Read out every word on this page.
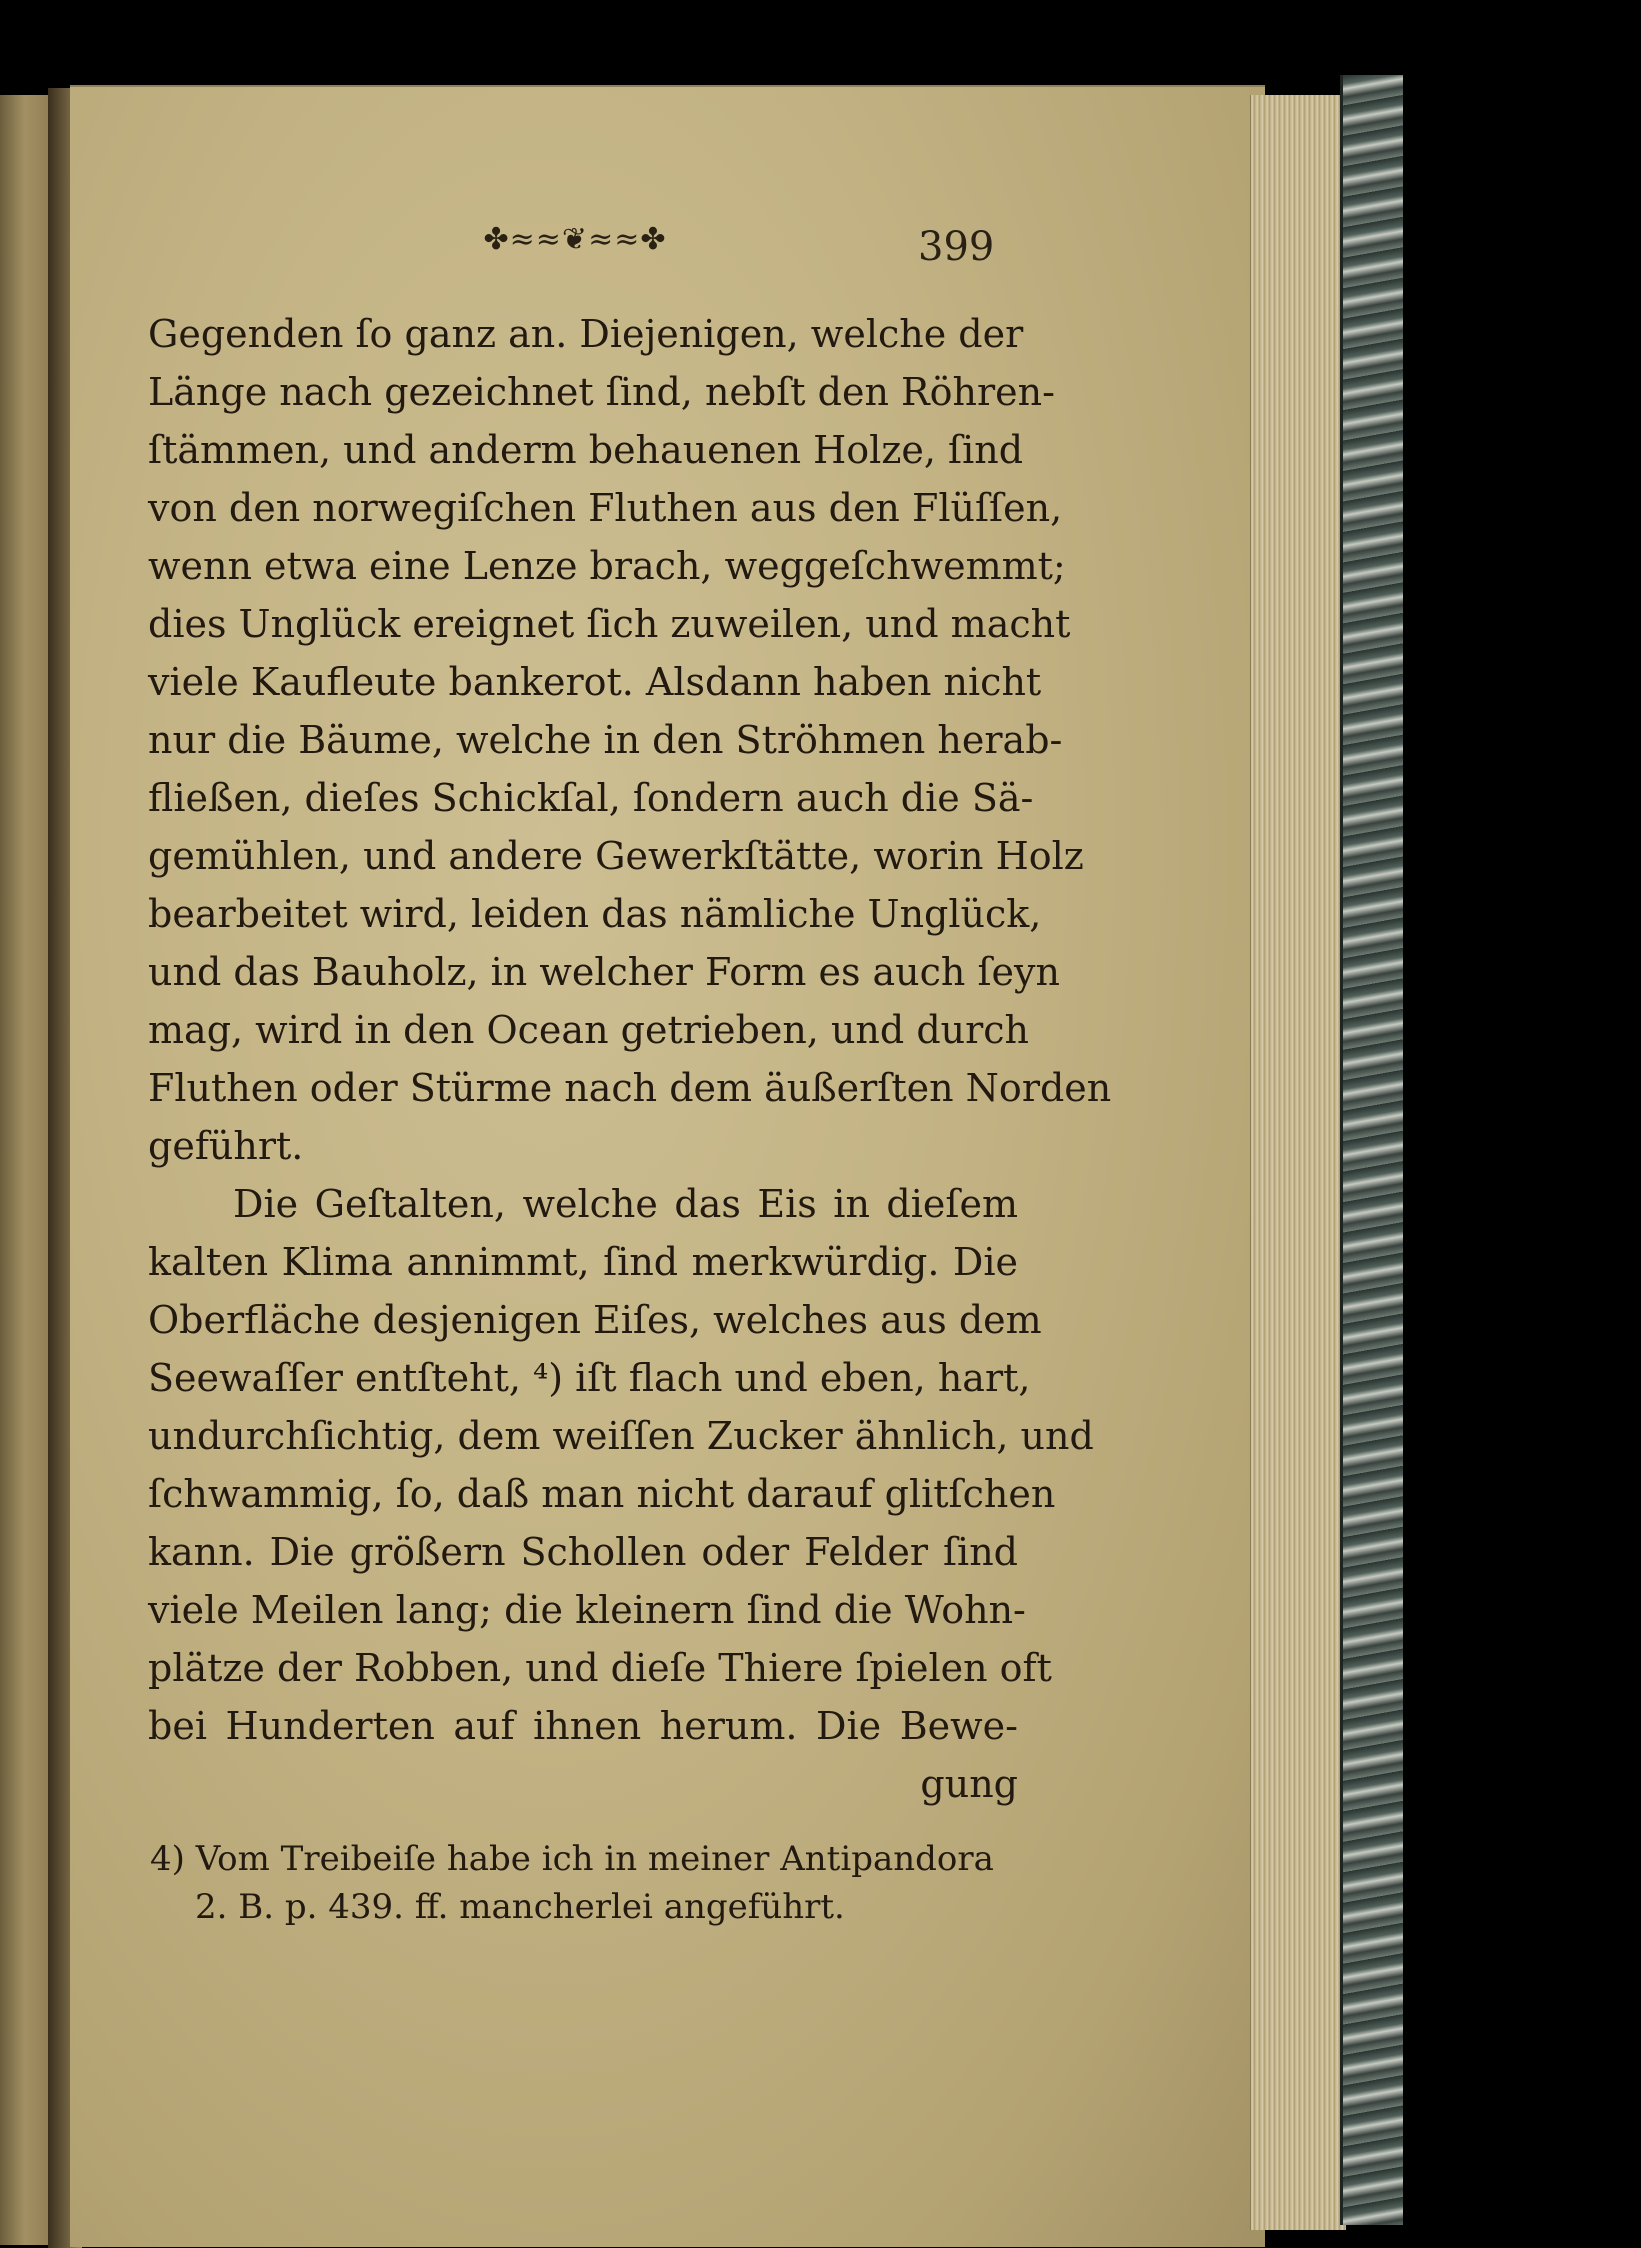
✤≈≈❦≈≈✤	399
Gegenden ſo ganz an. Diejenigen, welche der
Länge nach gezeichnet ſind, nebſt den Röhren-
ſtämmen, und anderm behauenen Holze, ſind
von den norwegiſchen Fluthen aus den Flüſſen,
wenn etwa eine Lenze brach, weggeſchwemmt;
dies Unglück ereignet ſich zuweilen, und macht
viele Kaufleute bankerot. Alsdann haben nicht
nur die Bäume, welche in den Ströhmen herab-
fließen, dieſes Schickſal, ſondern auch die Sä-
gemühlen, und andere Gewerkſtätte, worin Holz
bearbeitet wird, leiden das nämliche Unglück,
und das Bauholz, in welcher Form es auch ſeyn
mag, wird in den Ocean getrieben, und durch
Fluthen oder Stürme nach dem äußerſten Norden
geführt.
Die Geſtalten, welche das Eis in dieſem
kalten Klima annimmt, ſind merkwürdig. Die
Oberfläche desjenigen Eiſes, welches aus dem
Seewaſſer entſteht, ⁴) iſt flach und eben, hart,
undurchſichtig, dem weiſſen Zucker ähnlich, und
ſchwammig, ſo, daß man nicht darauf glitſchen
kann. Die größern Schollen oder Felder ſind
viele Meilen lang; die kleinern ſind die Wohn-
plätze der Robben, und dieſe Thiere ſpielen oft
bei Hunderten auf ihnen herum. Die Bewe-
gung
4) Vom Treibeiſe habe ich in meiner Antipandora
2. B. p. 439. ff. mancherlei angeführt.
